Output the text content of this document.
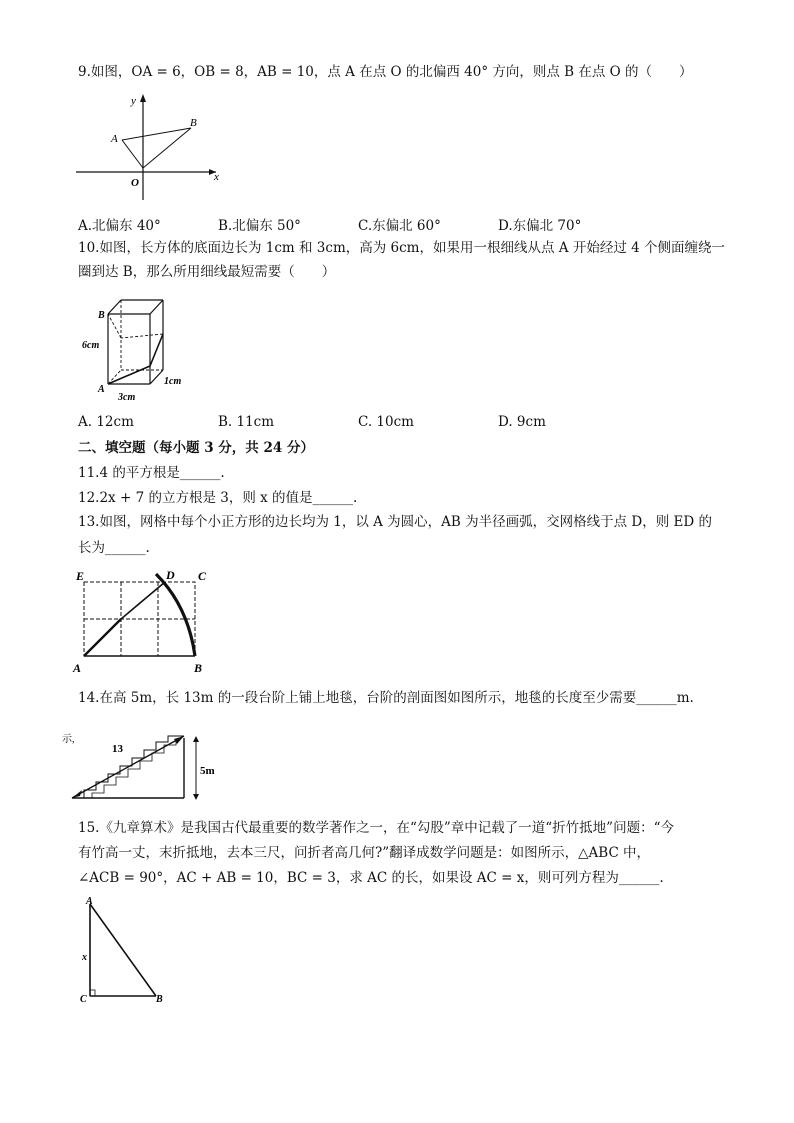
9.如图，OA = 6，OB = 8，AB = 10，点 A 在点 O 的北偏西 40° 方向，则点 B 在点 O 的（　　）
y
x
O
A
B
A.北偏东 40°	B.北偏东 50°	C.东偏北 60°	D.东偏北 70°
10.如图，长方体的底面边长为 1cm 和 3cm，高为 6cm，如果用一根细线从点 A 开始经过 4 个侧面缠绕一
圈到达 B，那么所用细线最短需要（　　）
B
A
6cm
3cm
1cm
A. 12cm	B. 11cm	C. 10cm	D. 9cm
二、填空题（每小题 3 分，共 24 分）
11.4 的平方根是______.
12.2x + 7 的立方根是 3，则 x 的值是______.
13.如图，网格中每个小正方形的边长均为 1，以 A 为圆心，AB 为半径画弧，交网格线于点 D，则 ED 的
长为______.
E	D C
A	B
14.在高 5m，长 13m 的一段台阶上铺上地毯，台阶的剖面图如图所示，地毯的长度至少需要______m.
5m
13
示,
15.《九章算术》是我国古代最重要的数学著作之一，在“勾股”章中记载了一道“折竹抵地”问题：“今
有竹高一丈，末折抵地，去本三尺，问折者高几何?”翻译成数学问题是：如图所示，△ABC 中，
∠ACB = 90°，AC + AB = 10，BC = 3，求 AC 的长，如果设 AC = x，则可列方程为______.
A
x
C	B
